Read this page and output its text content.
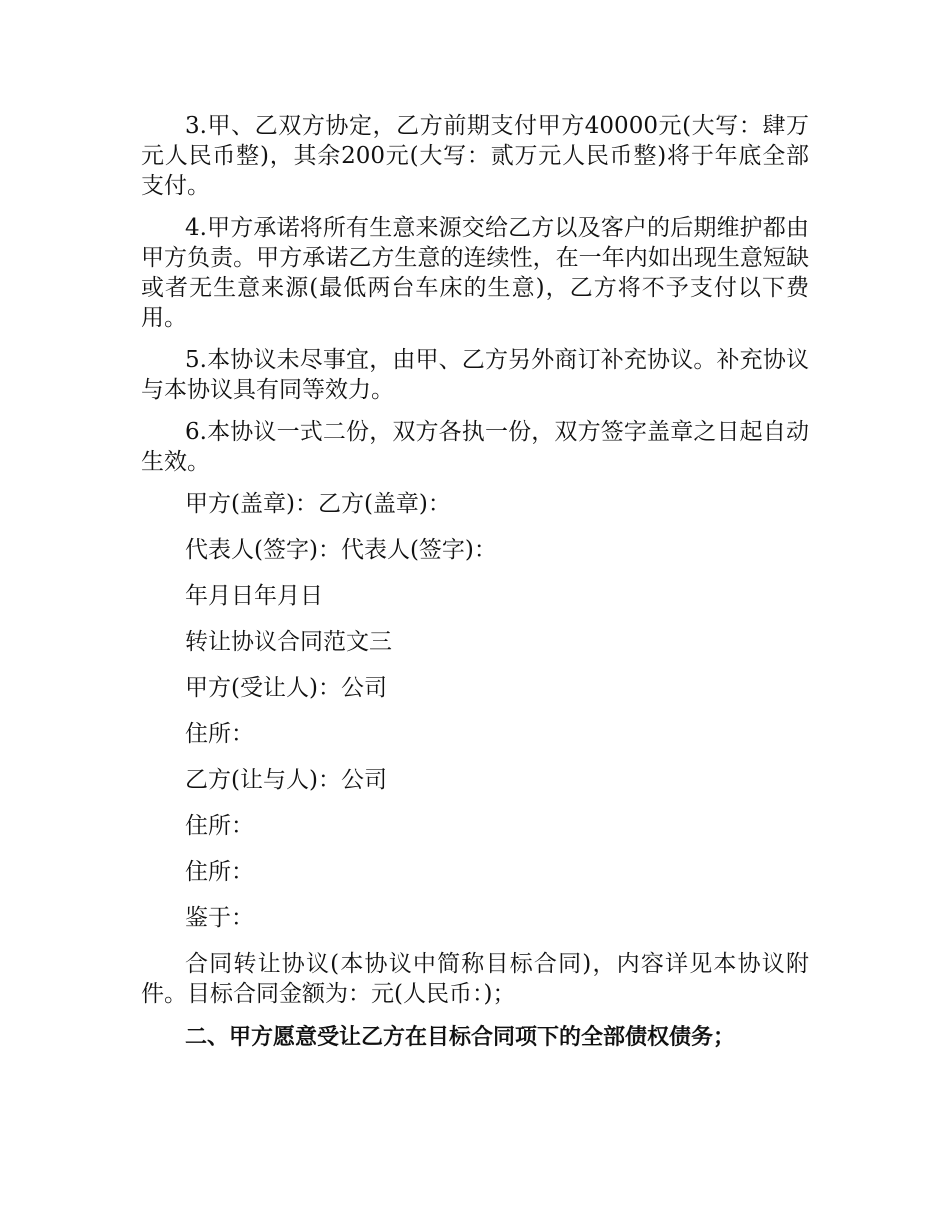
3.甲、乙双方协定，乙方前期支付甲方40000元(大写：肆万元人民币整)，其余200元(大写：贰万元人民币整)将于年底全部支付。

4.甲方承诺将所有生意来源交给乙方以及客户的后期维护都由甲方负责。甲方承诺乙方生意的连续性，在一年内如出现生意短缺或者无生意来源(最低两台车床的生意)，乙方将不予支付以下费用。

5.本协议未尽事宜，由甲、乙方另外商订补充协议。补充协议与本协议具有同等效力。

6.本协议一式二份，双方各执一份，双方签字盖章之日起自动生效。

甲方(盖章)：乙方(盖章)：

代表人(签字)：代表人(签字)：

年月日年月日

转让协议合同范文三

甲方(受让人)：公司

住所：

乙方(让与人)：公司

住所：

住所：

鉴于：

合同转让协议(本协议中简称目标合同)，内容详见本协议附件。目标合同金额为：元(人民币：)；

二、甲方愿意受让乙方在目标合同项下的全部债权债务；
